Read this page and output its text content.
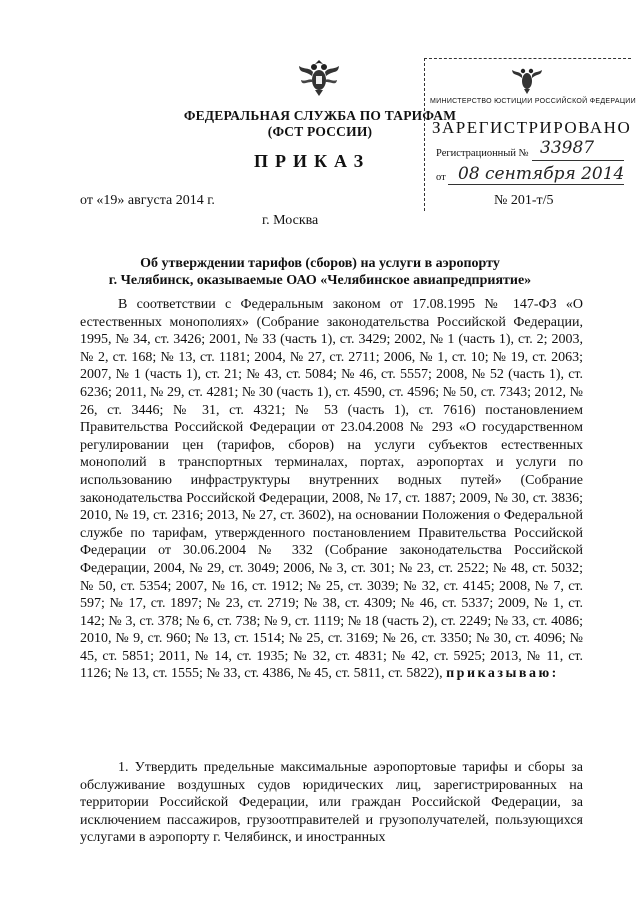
ФЕДЕРАЛЬНАЯ СЛУЖБА ПО ТАРИФАМ
(ФСТ РОССИИ)
ПРИКАЗ
от «19» августа 2014 г.	№ 201-т/5
г. Москва
МИНИСТЕРСТВО ЮСТИЦИИ РОССИЙСКОЙ ФЕДЕРАЦИИ
ЗАРЕГИСТРИРОВАНО
Регистрационный № 33987
от 08 сентября 2014
Об утверждении тарифов (сборов) на услуги в аэропорту
г. Челябинск, оказываемые ОАО «Челябинское авиапредприятие»

В соответствии с Федеральным законом от 17.08.1995 № 147-ФЗ «О естественных монополиях» (Собрание законодательства Российской Федерации, 1995, № 34, ст. 3426; 2001, № 33 (часть 1), ст. 3429; 2002, № 1 (часть 1), ст. 2; 2003, № 2, ст. 168; № 13, ст. 1181; 2004, № 27, ст. 2711; 2006, № 1, ст. 10; № 19, ст. 2063; 2007, № 1 (часть 1), ст. 21; № 43, ст. 5084; № 46, ст. 5557; 2008, № 52 (часть 1), ст. 6236; 2011, № 29, ст. 4281; № 30 (часть 1), ст. 4590, ст. 4596; № 50, ст. 7343; 2012, № 26, ст. 3446; № 31, ст. 4321; № 53 (часть 1), ст. 7616) постановлением Правительства Российской Федерации от 23.04.2008 № 293 «О государственном регулировании цен (тарифов, сборов) на услуги субъектов естественных монополий в транспортных терминалах, портах, аэропортах и услуги по использованию инфраструктуры внутренних водных путей» (Собрание законодательства Российской Федерации, 2008, № 17, ст. 1887; 2009, № 30, ст. 3836; 2010, № 19, ст. 2316; 2013, № 27, ст. 3602), на основании Положения о Федеральной службе по тарифам, утвержденного постановлением Правительства Российской Федерации от 30.06.2004 № 332 (Собрание законодательства Российской Федерации, 2004, № 29, ст. 3049; 2006, № 3, ст. 301; № 23, ст. 2522; № 48, ст. 5032; № 50, ст. 5354; 2007, № 16, ст. 1912; № 25, ст. 3039; № 32, ст. 4145; 2008, № 7, ст. 597; № 17, ст. 1897; № 23, ст. 2719; № 38, ст. 4309; № 46, ст. 5337; 2009, № 1, ст. 142; № 3, ст. 378; № 6, ст. 738; № 9, ст. 1119; № 18 (часть 2), ст. 2249; № 33, ст. 4086; 2010, № 9, ст. 960; № 13, ст. 1514; № 25, ст. 3169; № 26, ст. 3350; № 30, ст. 4096; № 45, ст. 5851; 2011, № 14, ст. 1935; № 32, ст. 4831; № 42, ст. 5925; 2013, № 11, ст. 1126; № 13, ст. 1555; № 33, ст. 4386, № 45, ст. 5811, ст. 5822), приказываю:

1. Утвердить предельные максимальные аэропортовые тарифы и сборы за обслуживание воздушных судов юридических лиц, зарегистрированных на территории Российской Федерации, или граждан Российской Федерации, за исключением пассажиров, грузоотправителей и грузополучателей, пользующихся услугами в аэропорту г. Челябинск, и иностранных
